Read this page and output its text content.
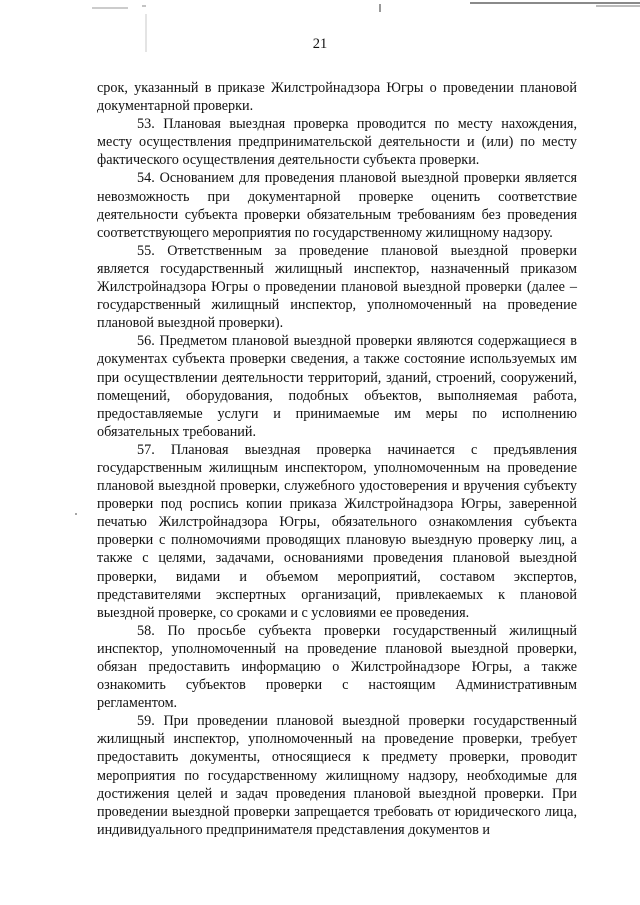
21

срок, указанный в приказе Жилстройнадзора Югры о проведении плановой документарной проверки.

53. Плановая выездная проверка проводится по месту нахождения, месту осуществления предпринимательской деятельности и (или) по месту фактического осуществления деятельности субъекта проверки.

54. Основанием для проведения плановой выездной проверки является невозможность при документарной проверке оценить соответствие деятельности субъекта проверки обязательным требованиям без проведения соответствующего мероприятия по государственному жилищному надзору.

55. Ответственным за проведение плановой выездной проверки является государственный жилищный инспектор, назначенный приказом Жилстройнадзора Югры о проведении плановой выездной проверки (далее – государственный жилищный инспектор, уполномоченный на проведение плановой выездной проверки).

56. Предметом плановой выездной проверки являются содержащиеся в документах субъекта проверки сведения, а также состояние используемых им при осуществлении деятельности территорий, зданий, строений, сооружений, помещений, оборудования, подобных объектов, выполняемая работа, предоставляемые услуги и принимаемые им меры по исполнению обязательных требований.

57. Плановая выездная проверка начинается с предъявления государственным жилищным инспектором, уполномоченным на проведение плановой выездной проверки, служебного удостоверения и вручения субъекту проверки под роспись копии приказа Жилстройнадзора Югры, заверенной печатью Жилстройнадзора Югры, обязательного ознакомления субъекта проверки с полномочиями проводящих плановую выездную проверку лиц, а также с целями, задачами, основаниями проведения плановой выездной проверки, видами и объемом мероприятий, составом экспертов, представителями экспертных организаций, привлекаемых к плановой выездной проверке, со сроками и с условиями ее проведения.

58. По просьбе субъекта проверки государственный жилищный инспектор, уполномоченный на проведение плановой выездной проверки, обязан предоставить информацию о Жилстройнадзоре Югры, а также ознакомить субъектов проверки с настоящим Административным регламентом.

59. При проведении плановой выездной проверки государственный жилищный инспектор, уполномоченный на проведение проверки, требует предоставить документы, относящиеся к предмету проверки, проводит мероприятия по государственному жилищному надзору, необходимые для достижения целей и задач проведения плановой выездной проверки. При проведении выездной проверки запрещается требовать от юридического лица, индивидуального предпринимателя представления документов и
